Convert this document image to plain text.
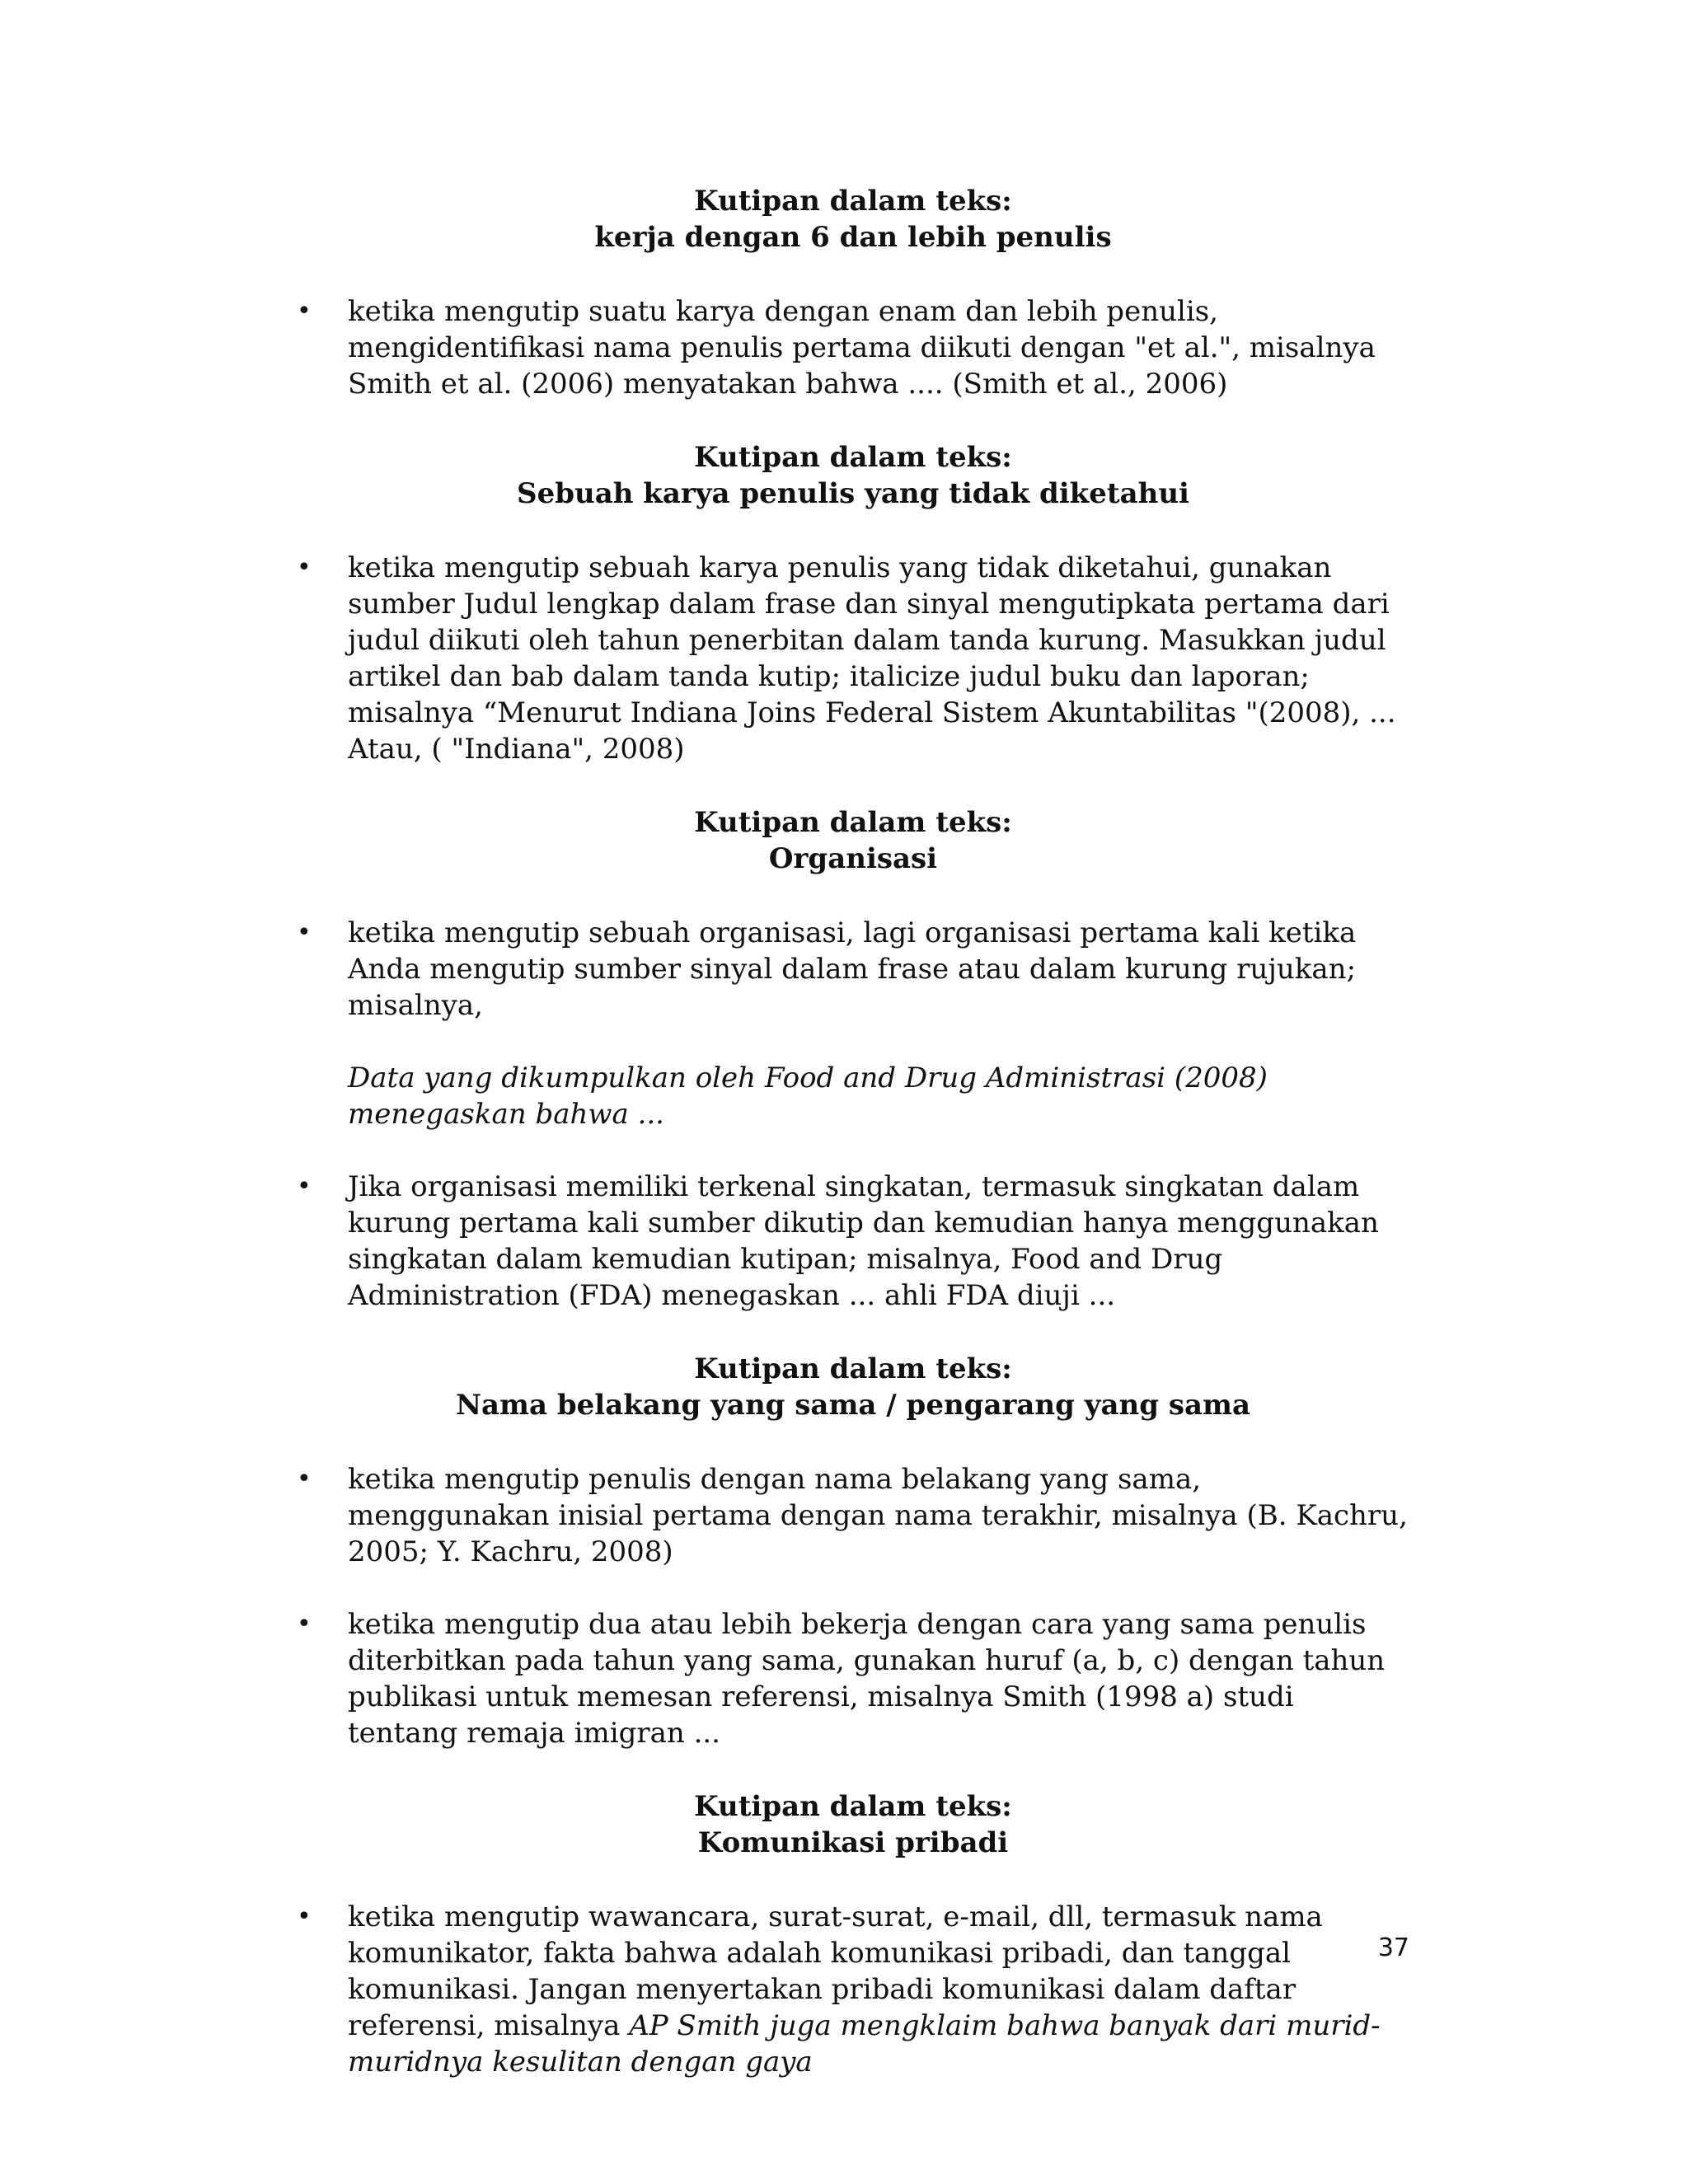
Kutipan dalam teks:
kerja dengan 6 dan lebih penulis
•	ketika mengutip suatu karya dengan enam dan lebih penulis, mengidentifikasi nama penulis pertama diikuti dengan "et al.", misalnya Smith et al. (2006) menyatakan bahwa .... (Smith et al., 2006)
Kutipan dalam teks:
Sebuah karya penulis yang tidak diketahui
•	ketika mengutip sebuah karya penulis yang tidak diketahui, gunakan sumber Judul lengkap dalam frase dan sinyal mengutipkata pertama dari judul diikuti oleh tahun penerbitan dalam tanda kurung. Masukkan judul artikel dan bab dalam tanda kutip; italicize judul buku dan laporan; misalnya “Menurut Indiana Joins Federal Sistem Akuntabilitas "(2008), ... Atau, ( "Indiana", 2008)
Kutipan dalam teks:
Organisasi
•	ketika mengutip sebuah organisasi, lagi organisasi pertama kali ketika Anda mengutip sumber sinyal dalam frase atau dalam kurung rujukan; misalnya,
Data yang dikumpulkan oleh Food and Drug Administrasi (2008) menegaskan bahwa ...
•	Jika organisasi memiliki terkenal singkatan, termasuk singkatan dalam kurung pertama kali sumber dikutip dan kemudian hanya menggunakan singkatan dalam kemudian kutipan; misalnya, Food and Drug Administration (FDA) menegaskan ... ahli FDA diuji ...
Kutipan dalam teks:
Nama belakang yang sama / pengarang yang sama
•	ketika mengutip penulis dengan nama belakang yang sama, menggunakan inisial pertama dengan nama terakhir, misalnya (B. Kachru, 2005; Y. Kachru, 2008)
•	ketika mengutip dua atau lebih bekerja dengan cara yang sama penulis diterbitkan pada tahun yang sama, gunakan huruf (a, b, c) dengan tahun publikasi untuk memesan referensi, misalnya Smith (1998 a) studi tentang remaja imigran ...
Kutipan dalam teks:
Komunikasi pribadi
•	ketika mengutip wawancara, surat-surat, e-mail, dll, termasuk nama komunikator, fakta bahwa adalah komunikasi pribadi, dan tanggal komunikasi. Jangan menyertakan pribadi komunikasi dalam daftar referensi, misalnya AP Smith juga mengklaim bahwa banyak dari murid-muridnya kesulitan dengan gaya
37
